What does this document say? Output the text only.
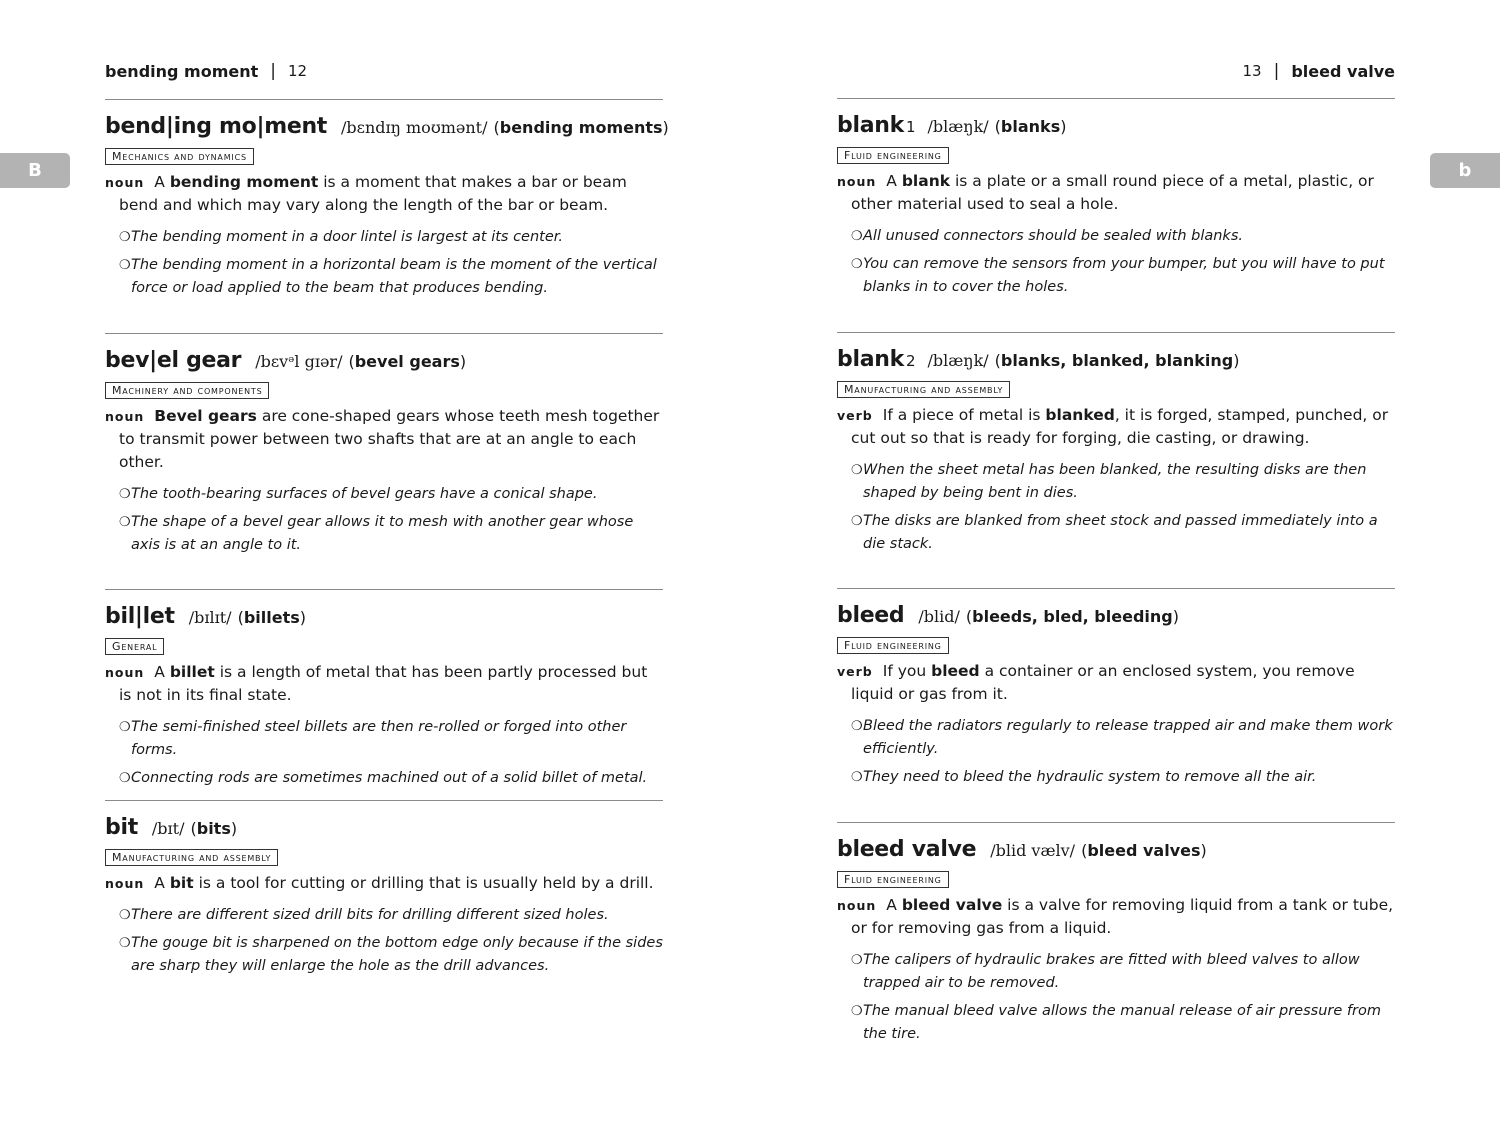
B	b
bending moment | 12
bend|ing mo|ment /bɛndɪŋ moʊmənt/ (bending moments)
Mechanics and dynamics
noun A bending moment is a moment that makes a bar or beam bend and which may vary along the length of the bar or beam.
❍The bending moment in a door lintel is largest at its center.
❍The bending moment in a horizontal beam is the moment of the vertical force or load applied to the beam that produces bending.
bev|el gear /bɛvᵊl gɪər/ (bevel gears)
Machinery and components
noun Bevel gears are cone-shaped gears whose teeth mesh together to transmit power between two shafts that are at an angle to each other.
❍The tooth-bearing surfaces of bevel gears have a conical shape.
❍The shape of a bevel gear allows it to mesh with another gear whose axis is at an angle to it.
bil|let /bɪlɪt/ (billets)
General
noun A billet is a length of metal that has been partly processed but is not in its final state.
❍The semi-finished steel billets are then re-rolled or forged into other forms.
❍Connecting rods are sometimes machined out of a solid billet of metal.
bit /bɪt/ (bits)
Manufacturing and assembly
noun A bit is a tool for cutting or drilling that is usually held by a drill.
❍There are different sized drill bits for drilling different sized holes.
❍The gouge bit is sharpened on the bottom edge only because if the sides are sharp they will enlarge the hole as the drill advances.
13 | bleed valve
blank 1 /blæŋk/ (blanks)
Fluid engineering
noun A blank is a plate or a small round piece of a metal, plastic, or other material used to seal a hole.
❍All unused connectors should be sealed with blanks.
❍You can remove the sensors from your bumper, but you will have to put blanks in to cover the holes.
blank 2 /blæŋk/ (blanks, blanked, blanking)
Manufacturing and assembly
verb If a piece of metal is blanked, it is forged, stamped, punched, or cut out so that is ready for forging, die casting, or drawing.
❍When the sheet metal has been blanked, the resulting disks are then shaped by being bent in dies.
❍The disks are blanked from sheet stock and passed immediately into a die stack.
bleed /blid/ (bleeds, bled, bleeding)
Fluid engineering
verb If you bleed a container or an enclosed system, you remove liquid or gas from it.
❍Bleed the radiators regularly to release trapped air and make them work efficiently.
❍They need to bleed the hydraulic system to remove all the air.
bleed valve /blid vælv/ (bleed valves)
Fluid engineering
noun A bleed valve is a valve for removing liquid from a tank or tube, or for removing gas from a liquid.
❍The calipers of hydraulic brakes are fitted with bleed valves to allow trapped air to be removed.
❍The manual bleed valve allows the manual release of air pressure from the tire.
